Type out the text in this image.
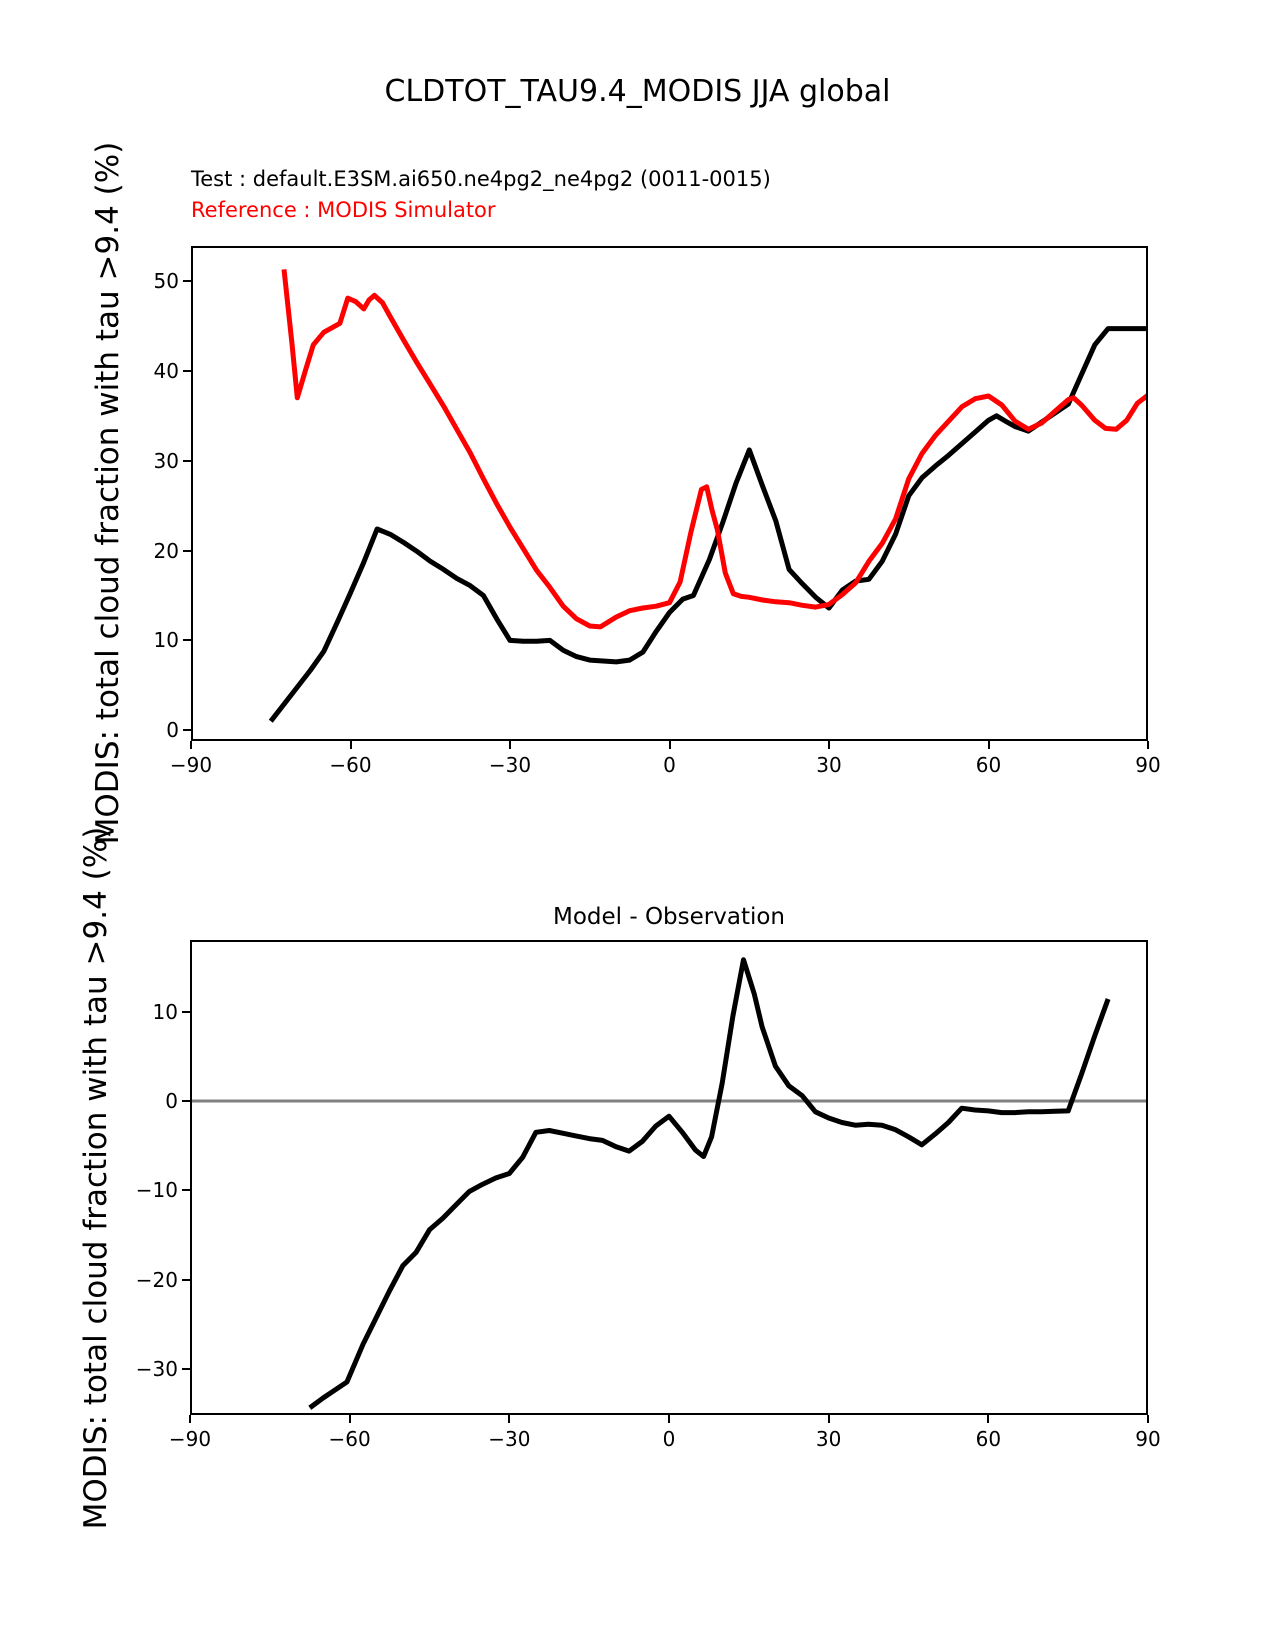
CLDTOT_TAU9.4_MODIS JJA global
Test : default.E3SM.ai650.ne4pg2_ne4pg2 (0011-0015)
Reference : MODIS Simulator
MODIS: total cloud fraction with tau >9.4 (%)
MODIS: total cloud fraction with tau >9.4 (%)	Model - Observation
−90	−60	−30	0	30	60	90
0
10
20
30
40
50
−90	−60	−30	0	30	60	90
10
0
−10
−20
−30
